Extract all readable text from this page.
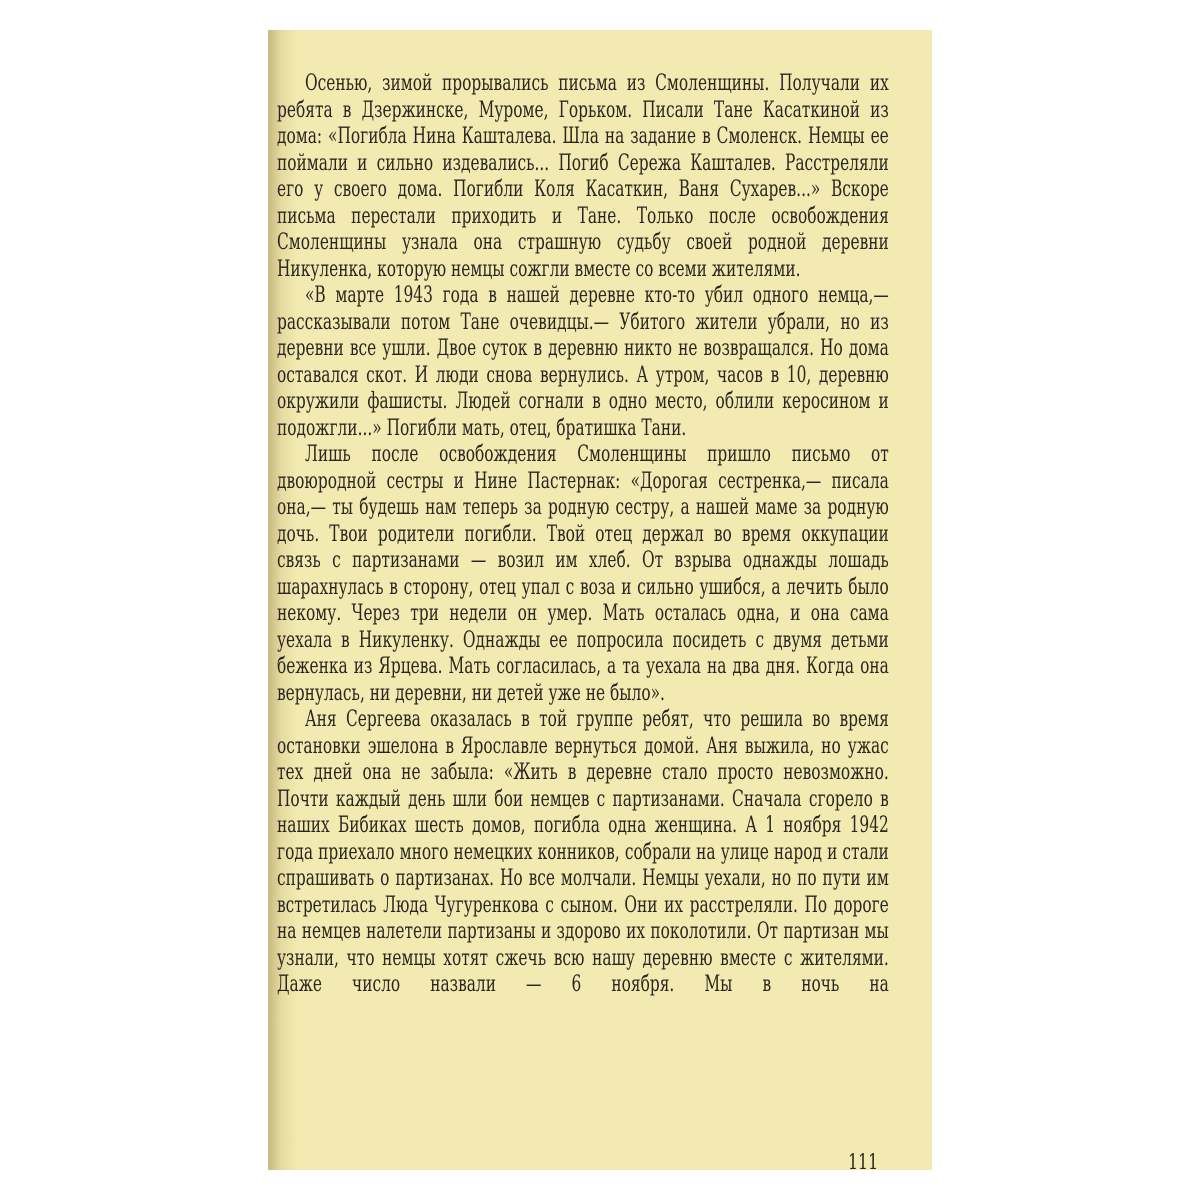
Осенью, зимой прорывались письма из Смоленщины. Получали их ребята в Дзержинске, Муроме, Горьком. Писали Тане Касаткиной из дома: «Погибла Нина Каштaлева. Шла на задание в Смоленск. Немцы ее поймали и сильно издевались... Погиб Сережа Каштaлев. Расстреляли его у своего дома. Погибли Коля Касаткин, Ваня Сухарев...» Вскоре письма перестали приходить и Тане. Только после освобождения Смоленщины узнала она страшную судьбу своей родной деревни Никуленка, которую немцы сожгли вместе со всеми жителями.

«В марте 1943 года в нашей деревне кто-то убил одного немца,— рассказывали потом Тане очевидцы.— Убитого жители убрали, но из деревни все ушли. Двое суток в деревню никто не возвращался. Но дома оставался скот. И люди снова вернулись. А утром, часов в 10, деревню окружили фашисты. Людей согнали в одно место, облили керосином и подожгли...» Погибли мать, отец, братишка Тани.

Лишь после освобождения Смоленщины пришло письмо от двоюродной сестры и Нине Пастернак: «Дорогая сестренка,— писала она,— ты будешь нам теперь за родную сестру, а нашей маме за родную дочь. Твои родители погибли. Твой отец держал во время оккупации связь с партизанами — возил им хлеб. От взрыва однажды лошадь шарахнулась в сторону, отец упал с воза и сильно ушибся, а лечить было некому. Через три недели он умер. Мать осталась одна, и она сама уехала в Никуленку. Однажды ее попросила посидеть с двумя детьми беженка из Ярцева. Мать согласилась, а та уехала на два дня. Когда она вернулась, ни деревни, ни детей уже не было».

Аня Сергеева оказалась в той группе ребят, что решила во время остановки эшелона в Ярославле вернуться домой. Аня выжила, но ужас тех дней она не забыла: «Жить в деревне стало просто невозможно. Почти каждый день шли бои немцев с партизанами. Сначала сгорело в наших Бибиках шесть домов, погибла одна женщина. А 1 ноября 1942 года приехало много немецких конников, собрали на улице народ и стали спрашивать о партизанах. Но все молчали. Немцы уехали, но по пути им встретилась Люда Чугуренкова с сыном. Они их расстреляли. По дороге на немцев налетели партизаны и здорово их поколотили. От партизан мы узнали, что немцы хотят сжечь всю нашу деревню вместе с жителями. Даже число назвали — 6 ноября. Мы в ночь на

111
